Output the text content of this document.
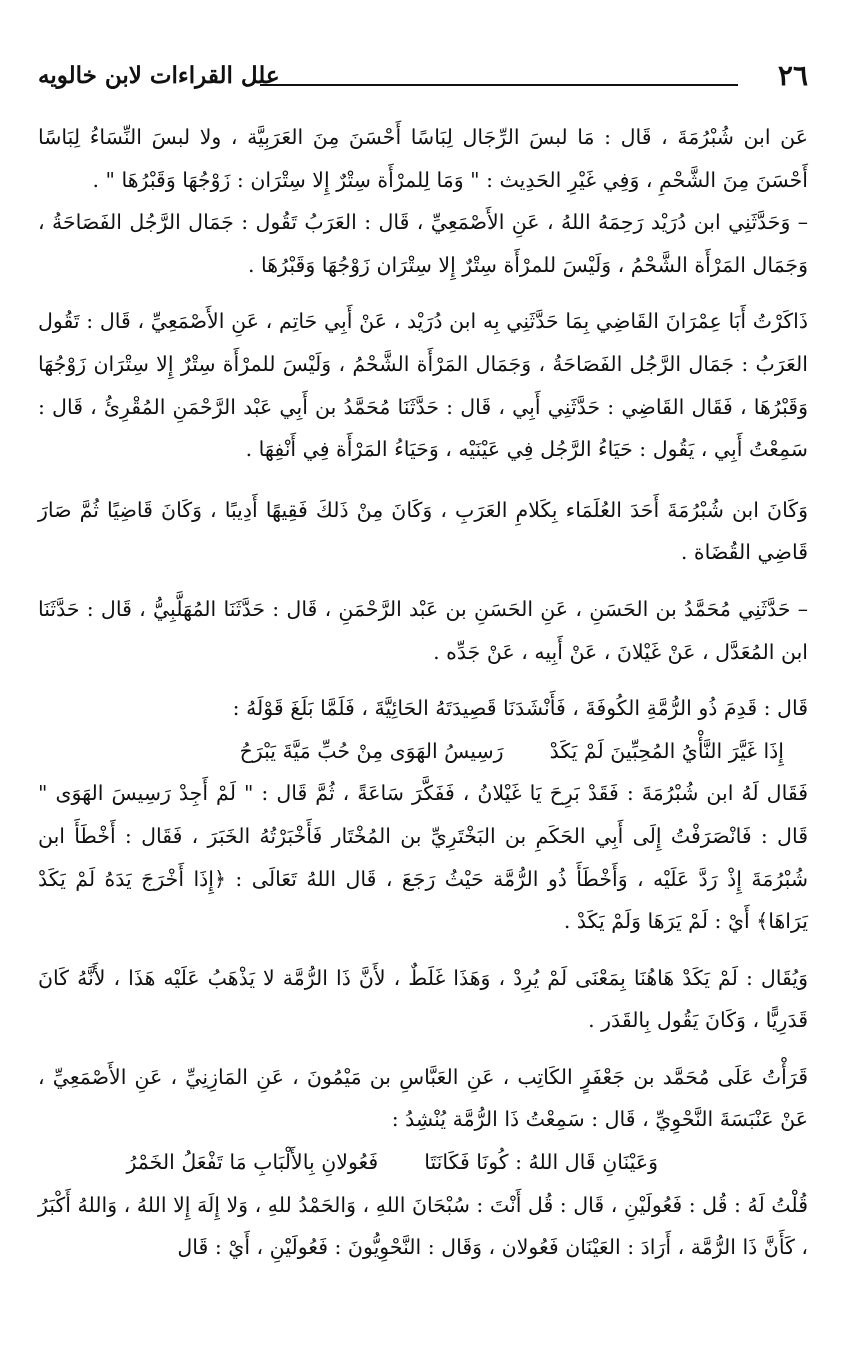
٢٦
علل القراءات لابن خالويه

عَن ابن شُبْرُمَةَ ، قَال : مَا لبسَ الرِّجَال لِبَاسًا أَحْسَنَ مِنَ العَرَبِيَّة ، ولا لبسَ النِّسَاءُ لِبَاسًا أَحْسَنَ مِنَ الشَّحْمِ ، وَفِي غَيْرِ الحَدِيث : " وَمَا لِلمرْأَة سِتْرٌ إِلا سِتْرَان : زَوْجُهَا وَقَبْرُهَا " .

– وَحَدَّثَنِي ابن دُرَيْد رَحِمَهُ اللهُ ، عَنِ الأَصْمَعِيِّ ، قَال : العَرَبُ تَقُول : جَمَال الرَّجُل الفَصَاحَةُ ، وَجَمَال المَرْأَة الشَّحْمُ ، وَلَيْسَ للمرْأَة سِتْرٌ إِلا سِتْرَان زَوْجُهَا وَقَبْرُهَا .

ذَاكَرْتُ أَبَا عِمْرَانَ القَاضِي بِمَا حَدَّثَنِي بِه ابن دُرَيْد ، عَنْ أَبِي حَاتِم ، عَنِ الأَصْمَعِيِّ ، قَال : تَقُول العَرَبُ : جَمَال الرَّجُل الفَصَاحَةُ ، وَجَمَال المَرْأَة الشَّحْمُ ، وَلَيْسَ للمرْأَة سِتْرٌ إِلا سِتْرَان زَوْجُهَا وَقَبْرُهَا ، فَقَال القَاضِي : حَدَّثَنِي أَبِي ، قَال : حَدَّثَنَا مُحَمَّدُ بن أَبِي عَبْد الرَّحْمَنِ المُقْرِئُ ، قَال : سَمِعْتُ أَبِي ، يَقُول : حَيَاءُ الرَّجُل فِي عَيْنَيْه ، وَحَيَاءُ المَرْأَة فِي أَنْفِهَا .

وَكَانَ ابن شُبْرُمَةَ أَحَدَ العُلَمَاء بِكَلامِ العَرَبِ ، وَكَانَ مِنْ ذَلكَ فَقِيهًا أَدِيبًا ، وَكَانَ قَاضِيًا ثُمَّ صَارَ قَاضِي القُضَاة .

– حَدَّثَنِي مُحَمَّدُ بن الحَسَنِ ، عَنِ الحَسَنِ بن عَبْد الرَّحْمَنِ ، قَال : حَدَّثَنَا المُهَلَّبِيُّ ، قَال : حَدَّثَنَا ابن المُعَدَّل ، عَنْ غَيْلانَ ، عَنْ أَبِيه ، عَنْ جَدِّه .

قَال : قَدِمَ ذُو الرُّمَّةِ الكُوفَةَ ، فَأَنْشَدَنَا قَصِيدَتَهُ الحَائِيَّةَ ، فَلَمَّا بَلَغَ قَوْلَهُ :

إِذَا غَيَّرَ النَّأْيُ المُحِبِّينَ لَمْ يَكَدْ
رَسِيسُ الهَوَى مِنْ حُبِّ مَيَّةَ يَبْرَحُ

فَقَال لَهُ ابن شُبْرُمَةَ : فَقَدْ بَرِحَ يَا غَيْلانُ ، فَفَكَّرَ سَاعَةً ، ثُمَّ قَال : " لَمْ أَجِدْ رَسِيسَ الهَوَى " قَال : فَانْصَرَفْتُ إِلَى أَبِي الحَكَمِ بن البَخْتَرِيِّ بن المُخْتَار فَأَخْبَرْتُهُ الخَبَرَ ، فَقَال : أَخْطَأَ ابن شُبْرُمَةَ إِذْ رَدَّ عَلَيْه ، وَأَخْطَأَ ذُو الرُّمَّة حَيْثُ رَجَعَ ، قَال اللهُ تَعَالَى : ﴿إِذَا أَخْرَجَ يَدَهُ لَمْ يَكَدْ يَرَاهَا﴾ أَيْ : لَمْ يَرَهَا وَلَمْ يَكَدْ .

وَيُقَال : لَمْ يَكَدْ هَاهُنَا بِمَعْنَى لَمْ يُرِدْ ، وَهَذَا غَلَطٌ ، لأَنَّ ذَا الرُّمَّة لا يَذْهَبُ عَلَيْه هَذَا ، لأَنَّهُ كَانَ قَدَرِيًّا ، وَكَانَ يَقُول بِالقَدَر .

قَرَأْتُ عَلَى مُحَمَّد بن جَعْفَرٍ الكَاتِب ، عَنِ العَبَّاسِ بن مَيْمُونَ ، عَنِ المَازِنِيِّ ، عَنِ الأَصْمَعِيِّ ، عَنْ عَنْبَسَةَ النَّحْوِيِّ ، قَال : سَمِعْتُ ذَا الرُّمَّة يُنْشِدُ :

وَعَيْنَانِ قَال اللهُ : كُونَا فَكَانَتَا
فَعُولانِ بِالأَلْبَابِ مَا تَفْعَلُ الخَمْرُ

قُلْتُ لَهُ : قُل : فَعُولَيْنِ ، قَال : قُل أَنْتَ : سُبْحَانَ اللهِ ، وَالحَمْدُ للهِ ، وَلا إِلَهَ إِلا اللهُ ، وَاللهُ أَكْبَرُ ، كَأَنَّ ذَا الرُّمَّة ، أَرَادَ : العَيْنَان فَعُولان ، وَقَال : النَّحْوِيُّونَ : فَعُولَيْنِ ، أَيْ : قَال
